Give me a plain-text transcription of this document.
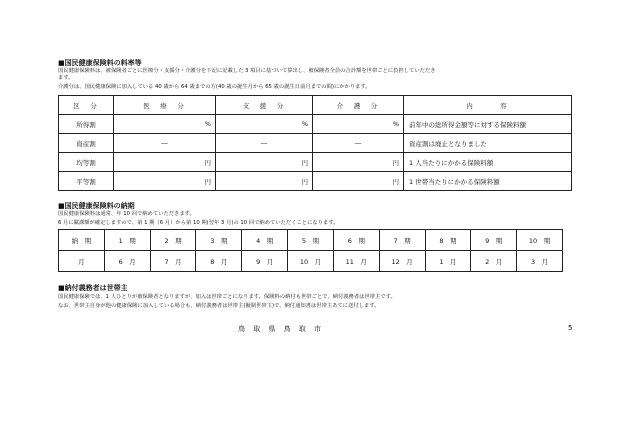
■国民健康保険料の料率等
国民健康保険料は、被保険者ごとに医療分・支援分・介護分を下記に記載した 3 項目に基づいて算出し、被保険者全員の合計額を世帯ごとに負担していただき
ます。
介護分は、国民健康保険に加入している 40 歳から 64 歳までの方(40 歳の誕生月から 65 歳の誕生日前月までの間)にかかります。
区　分	医　療　分	支　援　分	介　護　分	内　　　容
所得割	%	%	%	前年中の総所得金額等に対する保険料額
資産割	―	―	―	資産割は廃止となりました
均等割	円	円	円	1 人当たりにかかる保険料額
平等割	円	円	円	1 世帯当たりにかかる保険料額
■国民健康保険料の納期
国民健康保険料は通常、年 10 回で納めていただきます。
6 月に賦課額が確定しますので、第 1 期（6 月）から第 10 期(翌年 3 月)の 10 回で納めていただくことになります。
納　期	1　期	2　期	3　期	4　期	5　期	6　期	7　期	8　期	9　期	10　期
月	6　月	7　月	8　月	9　月	10　月	11　月	12　月	1　月	2　月	3　月
■納付義務者は世帯主
国民健康保険では、1 人ひとりが被保険者となりますが、加入は世帯ごとになります。保険料の納付も世帯ごとで、納付義務者は世帯主です。
なお、世帯主自身が他の健康保険に加入している場合も、納付義務者は世帯主(擬制世帯主)で、納付通知書は世帯主あてに送付します。
鳥 取 県 鳥 取 市	5
